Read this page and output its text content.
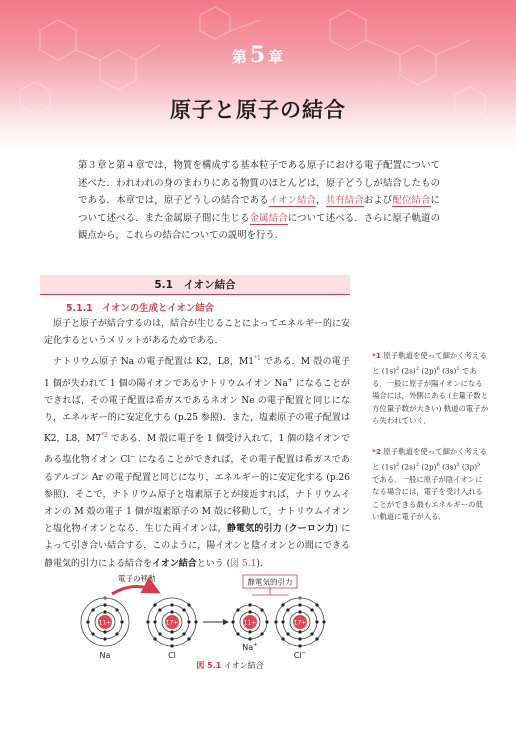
第5 章
原子と原子の結合
第３章と第４章では，物質を構成する基本粒子である原子における電子配置について述べた．われわれの身のまわりにある物質のほとんどは，原子どうしが結合したものである．本章では，原子どうしの結合であるイオン結合，共有結合および配位結合について述べる．また金属原子間に生じる金属結合について述べる．さらに原子軌道の観点から，これらの結合についての説明を行う．
5.1　イオン結合
5.1.1　イオンの生成とイオン結合

原子と原子が結合するのは，結合が生じることによってエネルギー的に安定化するというメリットがあるためである．

ナトリウム原子 Na の電子配置は K2，L8，M1$^{*1}$ である．M 殻の電子 1 個が失われて 1 個の陽イオンであるナトリウムイオン Na+ になることができれば，その電子配置は希ガスであるネオン Ne の電子配置と同じになり，エネルギー的に安定化する (p.25 参照)．また，塩素原子の電子配置は K2，L8，M7$^{*2}$ である．M 殻に電子を 1 個受け入れて，1 個の陰イオンである塩化物イオン Cl− になることができれば，その電子配置は希ガスであるアルゴン Ar の電子配置と同じになり，エネルギー的に安定化する (p.26 参照)．そこで，ナトリウム原子と塩素原子とが接近すれば，ナトリウムイオンの M 殻の電子 1 個が塩素原子の M 殻に移動して，ナトリウムイオンと塩化物イオンとなる．生じた両イオンは，静電気的引力 (クーロン力) によって引き合い結合する．このように，陽イオンと陰イオンとの間にできる静電気的引力による結合をイオン結合という (図 5.1)．

*1 原子軌道を使って細かく考えると $(1s)^2$ $(2s)^2$ $(2p)^6$ $(3s)^1$ である．一般に原子が陽イオンになる場合には，外側にある (主量子数と方位量子数が大きい) 軌道の電子から失われていく．
*2 原子軌道を使って細かく考えると $(1s)^2$ $(2s)^2$ $(2p)^6$ $(3s)^2$ $(3p)^5$ である．一般に原子が陰イオンになる場合には，電子を受け入れることができる最もエネルギーの低い軌道に電子が入る．
電子の移動	静電気的引力
11+
Na
17+
Cl
11+
Na+
17+
Cl−
図 5.1 イオン結合
